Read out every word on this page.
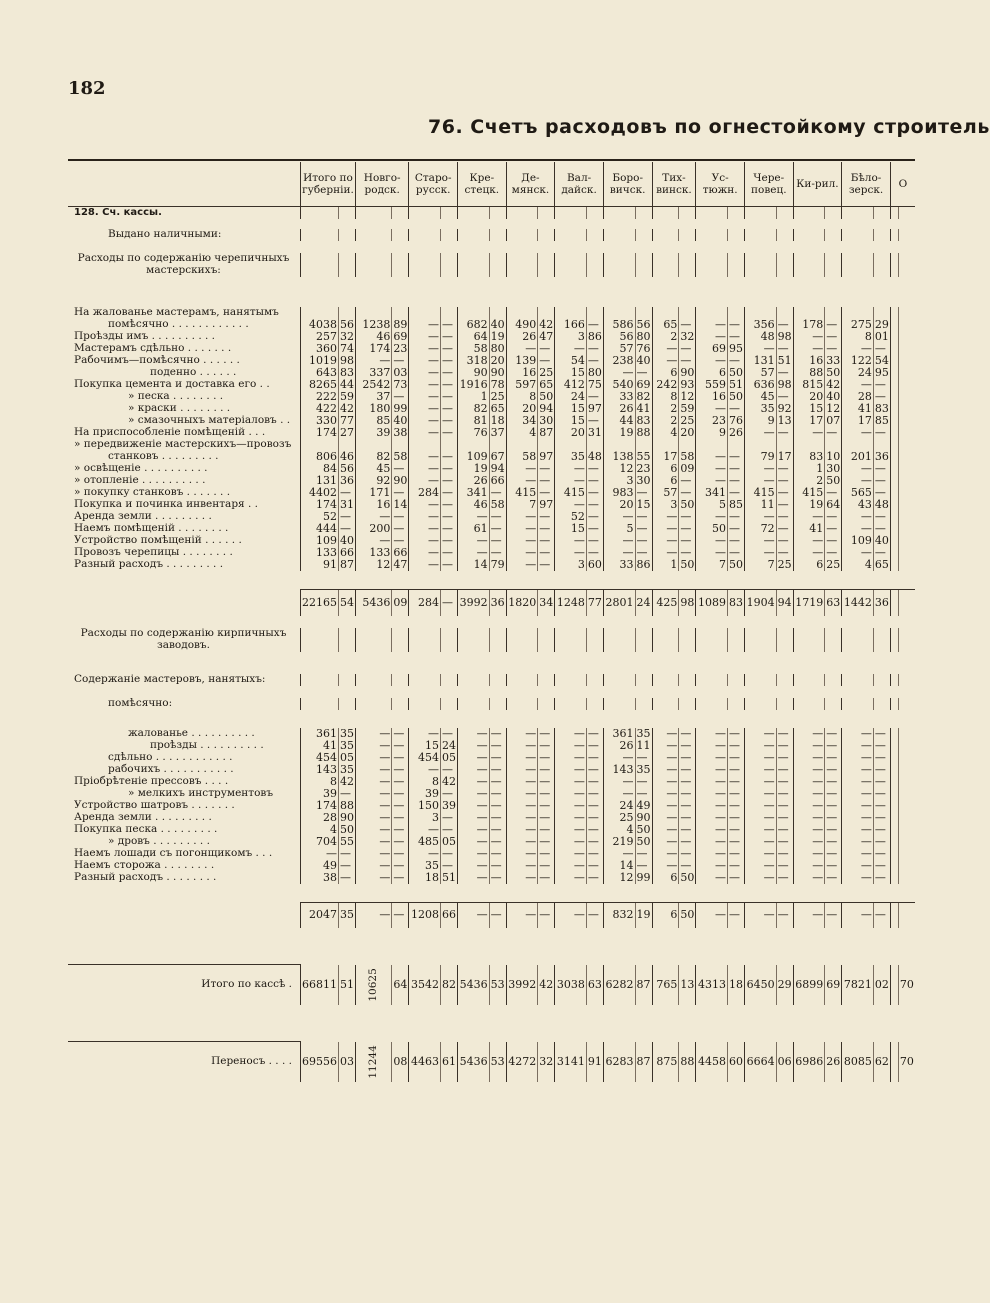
182
76. Счетъ расходовъ по огнестойкому строитель
	Итого по губерніи.		Новго-родск.		Старо-русск.		Кре-стецк.		Де-мянск.		Вал-дайск.		Боро-вичск.		Тих-винск.		Ус-тюжн.		Чере-повец.		Ки-рил.		Бѣло-зерск.		О	
128. Сч. кассы.																										

Выдано наличными:																										

Расходы по содержанію черепичныхъ																										
мастерскихъ:																										

На жалованье мастерамъ, нанятымъ																										
помѣсячно . . . . . . . . . . . .	4038	56	1238	89	—	—	682	40	490	42	166	—	586	56	65	—	—	—	356	—	178	—	275	29		
Проѣзды имъ . . . . . . . . . .	257	32	46	69	—	—	64	19	26	47	3	86	56	80	2	32	—	—	48	98	—	—	8	01		
Мастерамъ сдѣльно . . . . . . .	360	74	174	23	—	—	58	80	—	—	—	—	57	76	—	—	69	95	—	—	—	—	—	—		
Рабочимъ—помѣсячно . . . . . .	1019	98	—	—	—	—	318	20	139	—	54	—	238	40	—	—	—	—	131	51	16	33	122	54		
поденно . . . . . .	643	83	337	03	—	—	90	90	16	25	15	80	—	—	6	90	6	50	57	—	88	50	24	95		
Покупка цемента и доставка его . .	8265	44	2542	73	—	—	1916	78	597	65	412	75	540	69	242	93	559	51	636	98	815	42	—	—		
» песка . . . . . . . .	222	59	37	—	—	—	1	25	8	50	24	—	33	82	8	12	16	50	45	—	20	40	28	—		
» краски . . . . . . . .	422	42	180	99	—	—	82	65	20	94	15	97	26	41	2	59	—	—	35	92	15	12	41	83		
» смазочныхъ матеріаловъ . .	330	77	85	40	—	—	81	18	34	30	15	—	44	83	2	25	23	76	9	13	17	07	17	85		
На приспособленіе помѣщеній . . .	174	27	39	38	—	—	76	37	4	87	20	31	19	88	4	20	9	26	—	—	—	—	—	—		
» передвиженіе мастерскихъ—провозъ																										
станковъ . . . . . . . . .	806	46	82	58	—	—	109	67	58	97	35	48	138	55	17	58	—	—	79	17	83	10	201	36		
» освѣщеніе . . . . . . . . . .	84	56	45	—	—	—	19	94	—	—	—	—	12	23	6	09	—	—	—	—	1	30	—	—		
» отопленіе . . . . . . . . . .	131	36	92	90	—	—	26	66	—	—	—	—	3	30	6	—	—	—	—	—	2	50	—	—		
» покупку станковъ . . . . . . .	4402	—	171	—	284	—	341	—	415	—	415	—	983	—	57	—	341	—	415	—	415	—	565	—		
Покупка и починка инвентаря . .	174	31	16	14	—	—	46	58	7	97	—	—	20	15	3	50	5	85	11	—	19	64	43	48		
Аренда земли . . . . . . . . .	52	—	—	—	—	—	—	—	—	—	52	—	—	—	—	—	—	—	—	—	—	—	—	—		
Наемъ помѣщеній . . . . . . . .	444	—	200	—	—	—	61	—	—	—	15	—	5	—	—	—	50	—	72	—	41	—	—	—		
Устройство помѣщеній . . . . . .	109	40	—	—	—	—	—	—	—	—	—	—	—	—	—	—	—	—	—	—	—	—	109	40		
Провозъ черепицы . . . . . . . .	133	66	133	66	—	—	—	—	—	—	—	—	—	—	—	—	—	—	—	—	—	—	—	—		
Разный расходъ . . . . . . . . .	91	87	12	47	—	—	14	79	—	—	3	60	33	86	1	50	7	50	7	25	6	25	4	65		

	22165	54	5436	09	284	—	3992	36	1820	34	1248	77	2801	24	425	98	1089	83	1904	94	1719	63	1442	36		

Расходы по содержанію кирпичныхъ																										
заводовъ.																										

Содержаніе мастеровъ, нанятыхъ:																										

помѣсячно:																										

жалованье . . . . . . . . . .	361	35	—	—	—	—	—	—	—	—	—	—	361	35	—	—	—	—	—	—	—	—	—	—		
проѣзды . . . . . . . . . .	41	35	—	—	15	24	—	—	—	—	—	—	26	11	—	—	—	—	—	—	—	—	—	—		
сдѣльно . . . . . . . . . . . .	454	05	—	—	454	05	—	—	—	—	—	—	—	—	—	—	—	—	—	—	—	—	—	—		
рабочихъ . . . . . . . . . . .	143	35	—	—	—	—	—	—	—	—	—	—	143	35	—	—	—	—	—	—	—	—	—	—		
Пріобрѣтеніе прессовъ . . . .	8	42	—	—	8	42	—	—	—	—	—	—	—	—	—	—	—	—	—	—	—	—	—	—		
» мелкихъ инструментовъ	39	—	—	—	39	—	—	—	—	—	—	—	—	—	—	—	—	—	—	—	—	—	—	—		
Устройство шатровъ . . . . . . .	174	88	—	—	150	39	—	—	—	—	—	—	24	49	—	—	—	—	—	—	—	—	—	—		
Аренда земли . . . . . . . . .	28	90	—	—	3	—	—	—	—	—	—	—	25	90	—	—	—	—	—	—	—	—	—	—		
Покупка песка . . . . . . . . .	4	50	—	—	—	—	—	—	—	—	—	—	4	50	—	—	—	—	—	—	—	—	—	—		
» дровъ . . . . . . . . .	704	55	—	—	485	05	—	—	—	—	—	—	219	50	—	—	—	—	—	—	—	—	—	—		
Наемъ лошади съ погонщикомъ . . .	—	—	—	—	—	—	—	—	—	—	—	—	—	—	—	—	—	—	—	—	—	—	—	—		
Наемъ сторожа . . . . . . . .	49	—	—	—	35	—	—	—	—	—	—	—	14	—	—	—	—	—	—	—	—	—	—	—		
Разный расходъ . . . . . . . .	38	—	—	—	18	51	—	—	—	—	—	—	12	99	6	50	—	—	—	—	—	—	—	—		

	2047	35	—	—	1208	66	—	—	—	—	—	—	832	19	6	50	—	—	—	—	—	—	—	—		

Итого по кассѣ .	66811	51	10625	64	3542	82	5436	53	3992	42	3038	63	6282	87	765	13	4313	18	6450	29	6899	69	7821	02		70

Переносъ . . . .	69556	03	11244	08	4463	61	5436	53	4272	32	3141	91	6283	87	875	88	4458	60	6664	06	6986	26	8085	62		70
